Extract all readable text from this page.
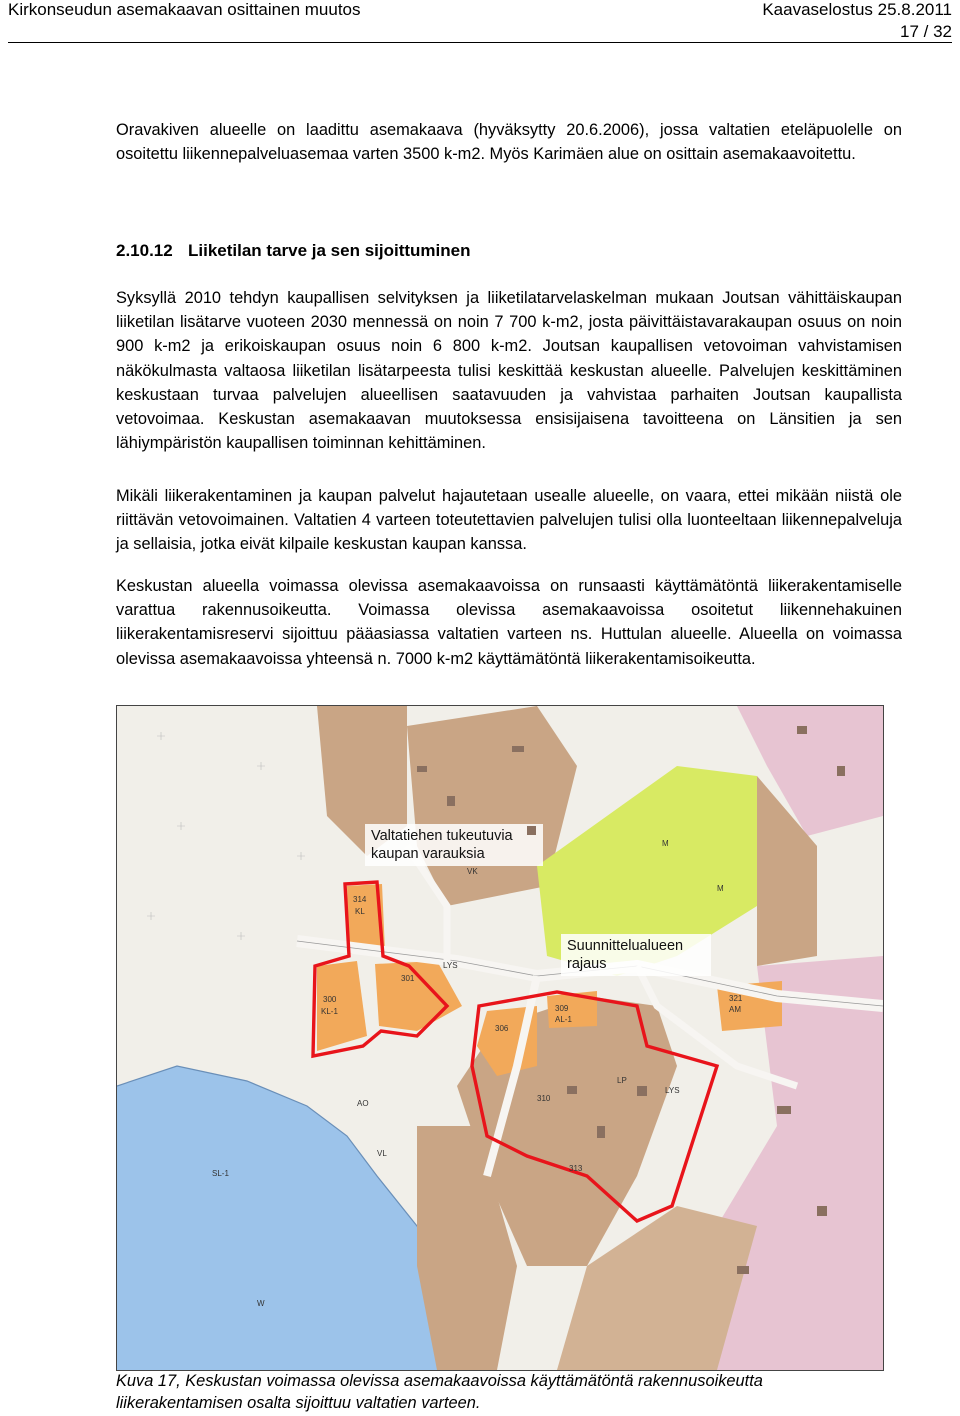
Kirkonseudun asemakaavan osittainen muutos	Kaavaselostus 25.8.2011
17 / 32

Oravakiven alueelle on laadittu asemakaava (hyväksytty 20.6.2006), jossa valtatien eteläpuolelle on osoitettu liikennepalveluasemaa varten 3500 k-m2. Myös Karimäen alue on osittain asemakaavoitettu.

2.10.12 Liiketilan tarve ja sen sijoittuminen

Syksyllä 2010 tehdyn kaupallisen selvityksen ja liiketilatarvelaskelman mukaan Joutsan vähittäiskaupan liiketilan lisätarve vuoteen 2030 mennessä on noin 7 700 k-m2, josta päivittäistavarakaupan osuus on noin 900 k-m2 ja erikoiskaupan osuus noin 6 800 k-m2. Joutsan kaupallisen vetovoiman vahvistamisen näkökulmasta valtaosa liiketilan lisätarpeesta tulisi keskittää keskustan alueelle. Palvelujen keskittäminen keskustaan turvaa palvelujen alueellisen saatavuuden ja vahvistaa parhaiten Joutsan kaupallista vetovoimaa. Keskustan asemakaavan muutoksessa ensisijaisena tavoitteena on Länsitien ja sen lähiympäristön kaupallisen toiminnan kehittäminen.

Mikäli liikerakentaminen ja kaupan palvelut hajautetaan usealle alueelle, on vaara, ettei mikään niistä ole riittävän vetovoimainen. Valtatien 4 varteen toteutettavien palvelujen tulisi olla luonteeltaan liikennepalveluja ja sellaisia, jotka eivät kilpaile keskustan kaupan kanssa.

Keskustan alueella voimassa olevissa asemakaavoissa on runsaasti käyttämätöntä liikerakentamiselle varattua rakennusoikeutta. Voimassa olevissa asemakaavoissa osoitetut liikennehakuinen liikerakentamisreservi sijoittuu pääasiassa valtatien varteen ns. Huttulan alueelle. Alueella on voimassa olevissa asemakaavoissa yhteensä n. 7000 k-m2 käyttämätöntä liikerakentamisoikeutta.

Valtatiehen tukeutuvia
kaupan varauksia
Suunnittelualueen
rajaus
314
KL
301
300
KL-1
306
309
AL-1
321
AM
LYS
LYS
M
M
AO
VL
SL-1
W
LP
VK
313
310
Kuva 17, Keskustan voimassa olevissa asemakaavoissa käyttämätöntä rakennusoikeutta
liikerakentamisen osalta sijoittuu valtatien varteen.
